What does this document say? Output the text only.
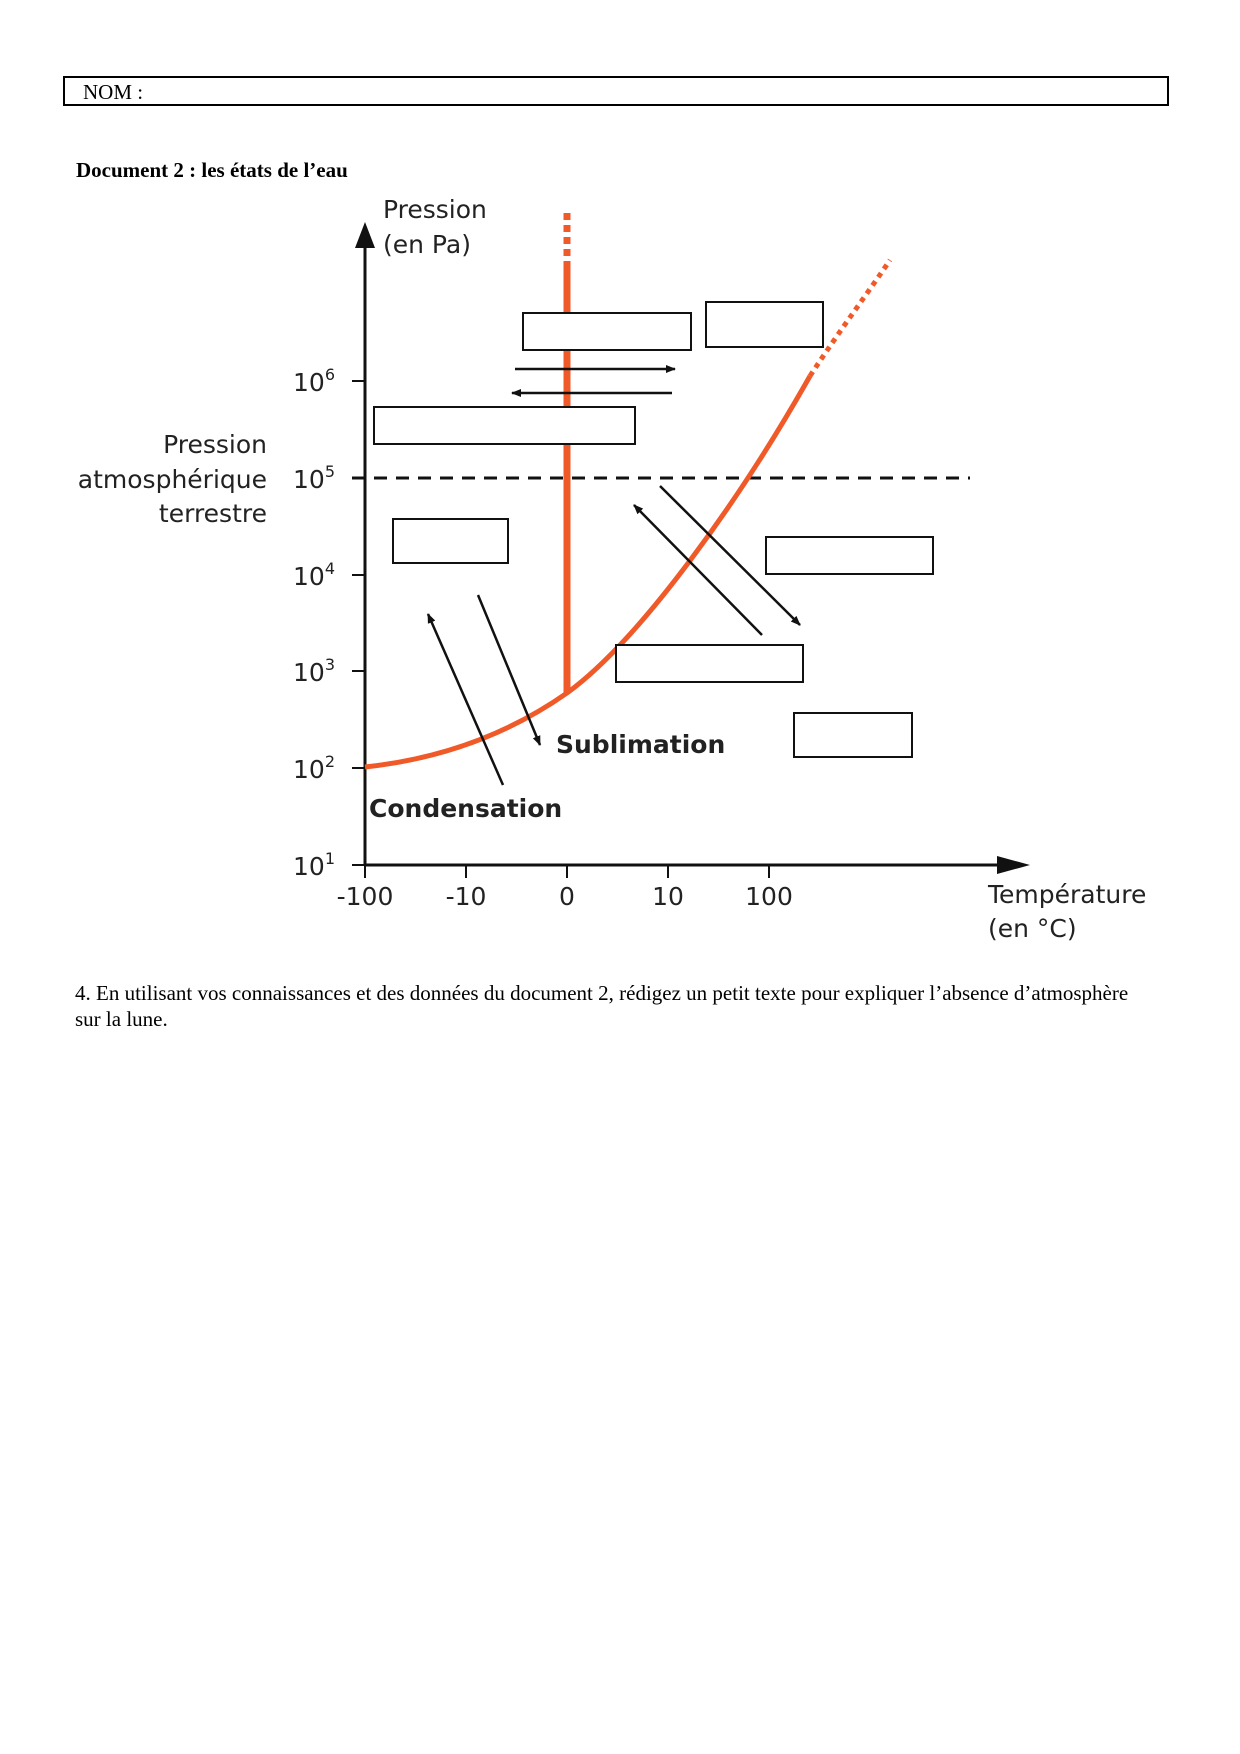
NOM :
Document 2 : les états de l’eau
Pression
(en Pa)
Pression
atmosphérique
terrestre
$10^6$
$10^5$
$10^4$
$10^3$
$10^2$
$10^1$
-100 -10	0	10 100	Température
(en °C)
Sublimation
Condensation
4. En utilisant vos connaissances et des données du document 2, rédigez un petit texte pour expliquer l’absence d’atmosphère sur la lune.
